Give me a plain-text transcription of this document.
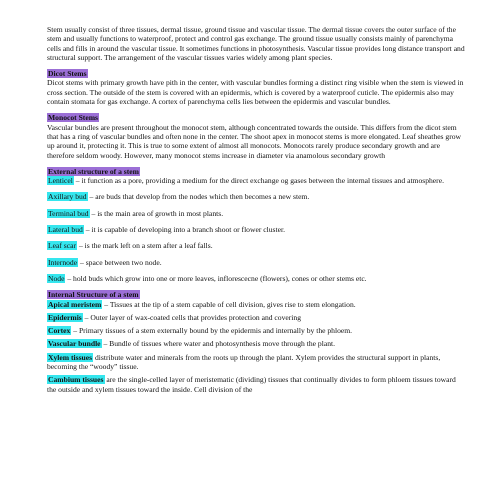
Stem usually consist of three tissues, dermal tissue, ground tissue and vascular tissue. The dermal tissue covers the outer surface of the stem and usually functions to waterproof, protect and control gas exchange. The ground tissue usually consists mainly of parenchyma cells and fills in around the vascular tissue. It sometimes functions in photosynthesis. Vascular tissue provides long distance transport and structural support. The arrangement of the vascular tissues varies widely among plant species.

Dicot Stems

Dicot stems with primary growth have pith in the center, with vascular bundles forming a distinct ring visible when the stem is viewed in cross section. The outside of the stem is covered with an epidermis, which is covered by a waterproof cuticle. The epidermis also may contain stomata for gas exchange. A cortex of parenchyma cells lies between the epidermis and vascular bundles.

Monocot Stems

Vascular bundles are present throughout the monocot stem, although concentrated towards the outside. This differs from the dicot stem that has a ring of vascular bundles and often none in the center. The shoot apex in monocot stems is more elongated. Leaf sheathes grow up around it, protecting it. This is true to some extent of almost all monocots. Monocots rarely produce secondary growth and are therefore seldom woody. However, many monocot stems increase in diameter via anamolous secondary growth

External structure of a stem

Lenticel – it function as a pore, providing a medium for the direct exchange og gases between the internal tissues and atmosphere.

Axillary bud – are buds that develop from the nodes which then becomes a new stem.

Terminal bud – is the main area of growth in most plants.

Lateral bud – it is capable of developing into a branch shoot or flower cluster.

Leaf scar – is the mark left on a stem after a leaf falls.

Internode – space between two node.

Node – hold buds which grow into one or more leaves, inflorescecne (flowers), cones or other stems etc.

Internal Structure of a stem

Apical meristem – Tissues at the tip of a stem capable of cell division, gives rise to stem elongation.

Epidermis – Outer layer of wax-coated cells that provides protection and covering

Cortex – Primary tissues of a stem externally bound by the epidermis and internally by the phloem.

Vascular bundle – Bundle of tissues where water and photosynthesis move through the plant.

Xylem tissues distribute water and minerals from the roots up through the plant. Xylem provides the structural support in plants, becoming the “woody” tissue.

Cambium tissues are the single-celled layer of meristematic (dividing) tissues that continually divides to form phloem tissues toward the outside and xylem tissues toward the inside. Cell division of the
